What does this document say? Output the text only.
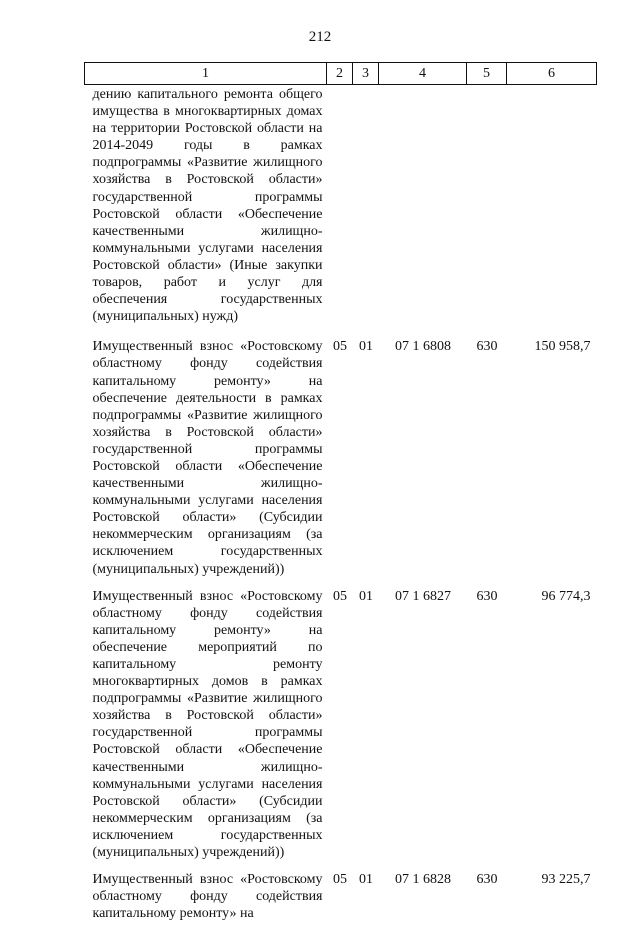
212
1	2	3	4	5	6
дению капитального ремонта общего имущества в многоквартирных домах на территории Ростовской области на 2014-2049 годы в рамках подпрограммы «Развитие жилищного хозяйства в Ростовской области» государственной программы Ростовской области «Обеспечение качественными жилищно-коммунальными услугами населения Ростовской области» (Иные закупки товаров, работ и услуг для обеспечения государственных (муниципальных) нужд)					
Имущественный взнос «Ростовскому областному фонду содействия капитальному ремонту» на обеспечение деятельности в рамках подпрограммы «Развитие жилищного хозяйства в Ростовской области» государственной программы Ростовской области «Обеспечение качественными жилищно-коммунальными услугами населения Ростовской области» (Субсидии некоммерческим организациям (за исключением государственных (муниципальных) учреждений))	05	01	07 1 6808	630	150 958,7
Имущественный взнос «Ростовскому областному фонду содействия капитальному ремонту» на обеспечение мероприятий по капитальному ремонту многоквартирных домов в рамках подпрограммы «Развитие жилищного хозяйства в Ростовской области» государственной программы Ростовской области «Обеспечение качественными жилищно-коммунальными услугами населения Ростовской области» (Субсидии некоммерческим организациям (за исключением государственных (муниципальных) учреждений))	05	01	07 1 6827	630	96 774,3
Имущественный взнос «Ростовскому областному фонду содействия капитальному ремонту» на	05	01	07 1 6828	630	93 225,7
